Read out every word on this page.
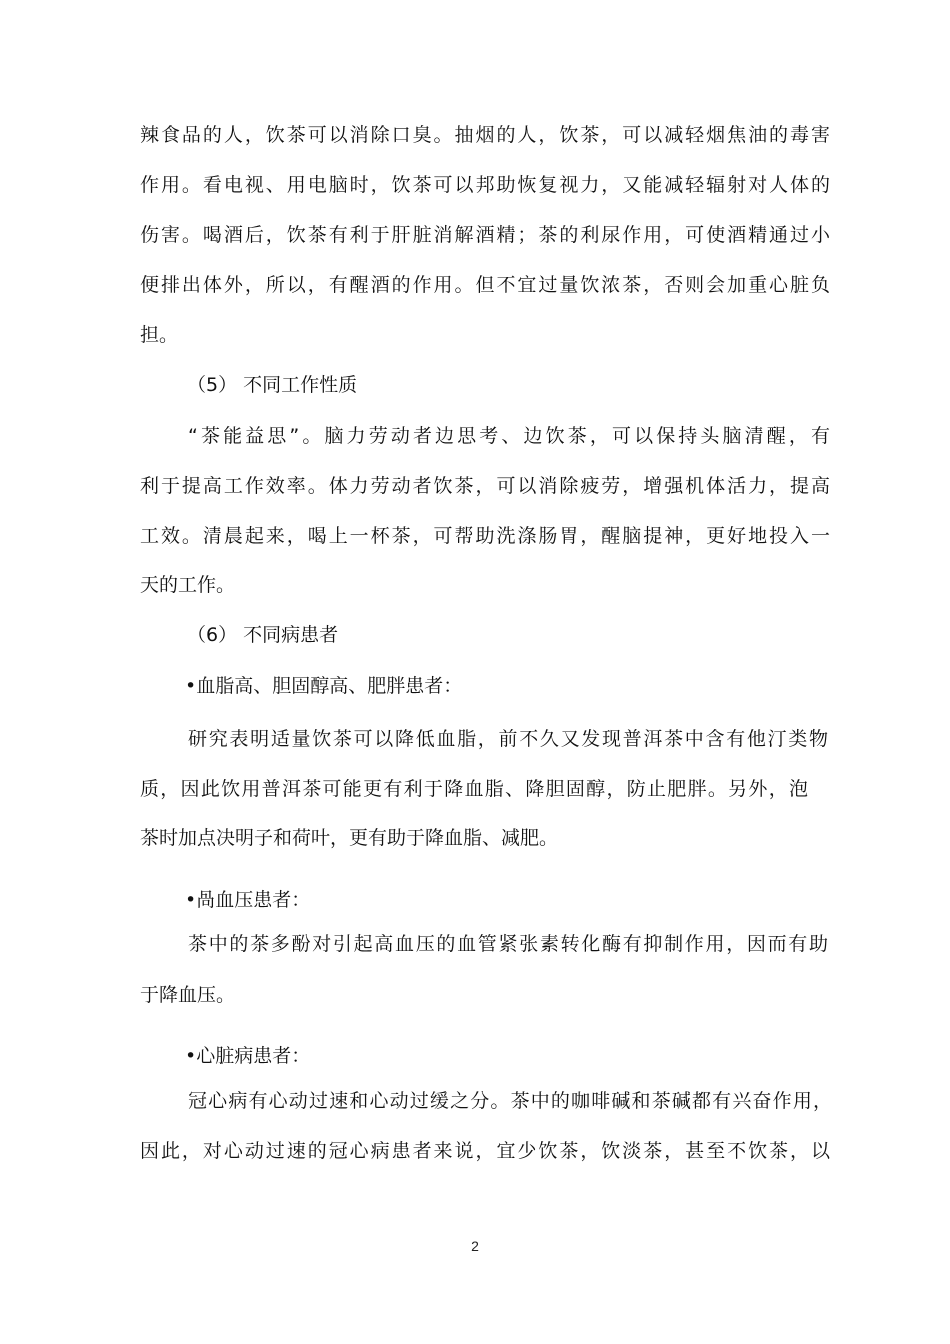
辣食品的人，饮茶可以消除口臭。抽烟的人，饮茶，可以减轻烟焦油的毒害
作用。看电视、用电脑时，饮茶可以邦助恢复视力，又能减轻辐射对人体的
伤害。喝酒后，饮茶有利于肝脏消解酒精；茶的利尿作用，可使酒精通过小
便排出体外，所以，有醒酒的作用。但不宜过量饮浓茶，否则会加重心脏负
担。
（5） 不同工作性质
“茶能益思”。脑力劳动者边思考、边饮茶，可以保持头脑清醒，有
利于提高工作效率。体力劳动者饮茶，可以消除疲劳，增强机体活力，提高
工效。清晨起来，喝上一杯茶，可帮助洗涤肠胃，醒脑提神，更好地投入一
天的工作。
（6） 不同病患者
•血脂高、胆固醇高、肥胖患者：
研究表明适量饮茶可以降低血脂，前不久又发现普洱茶中含有他汀类物
质，因此饮用普洱茶可能更有利于降血脂、降胆固醇，防止肥胖。另外，泡
茶时加点决明子和荷叶，更有助于降血脂、减肥。
•咼血压患者：
茶中的茶多酚对引起高血压的血管紧张素转化酶有抑制作用，因而有助
于降血压。
•心脏病患者：
冠心病有心动过速和心动过缓之分。茶中的咖啡碱和茶碱都有兴奋作用，
因此，对心动过速的冠心病患者来说，宜少饮茶，饮淡茶，甚至不饮茶，以
2
